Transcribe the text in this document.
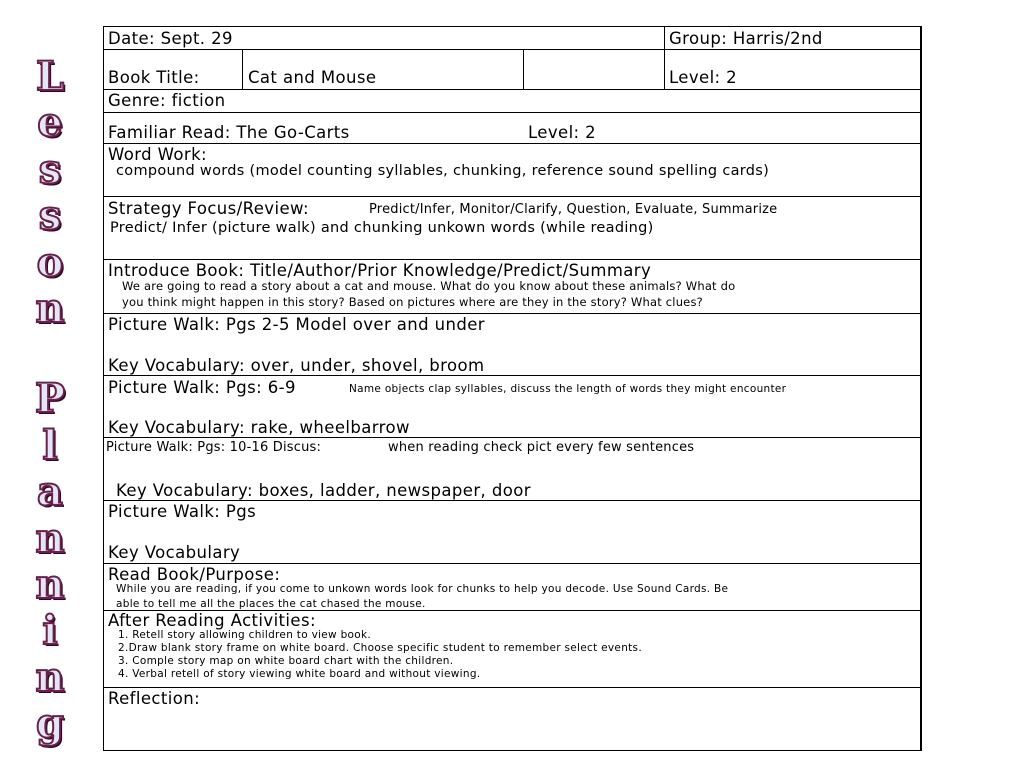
L
e
s
s
o
n
P
l
a
n
n
i
n
g
Date: Sept. 29	Group: Harris/2nd
Book Title:	Cat and Mouse	Level: 2
Genre: fiction
Familiar Read: The Go-Carts	Level: 2
Word Work:
compound words (model counting syllables, chunking, reference sound spelling cards)
Strategy Focus/Review:	Predict/Infer, Monitor/Clarify, Question, Evaluate, Summarize
Predict/ Infer (picture walk) and chunking unkown words (while reading)
Introduce Book: Title/Author/Prior Knowledge/Predict/Summary
We are going to read a story about a cat and mouse. What do you know about these animals? What do
you think might happen in this story? Based on pictures where are they in the story? What clues?
Picture Walk: Pgs 2-5 Model over and under
Key Vocabulary: over, under, shovel, broom
Picture Walk: Pgs: 6-9	Name objects clap syllables, discuss the length of words they might encounter
Key Vocabulary: rake, wheelbarrow
Picture Walk: Pgs: 10-16 Discus:	when reading check pict every few sentences
Key Vocabulary: boxes, ladder, newspaper, door
Picture Walk: Pgs
Key Vocabulary
Read Book/Purpose:
While you are reading, if you come to unkown words look for chunks to help you decode. Use Sound Cards. Be
able to tell me all the places the cat chased the mouse.
After Reading Activities:
1. Retell story allowing children to view book.
2.Draw blank story frame on white board. Choose specific student to remember select events.
3. Comple story map on white board chart with the children.
4. Verbal retell of story viewing white board and without viewing.
Reflection:
